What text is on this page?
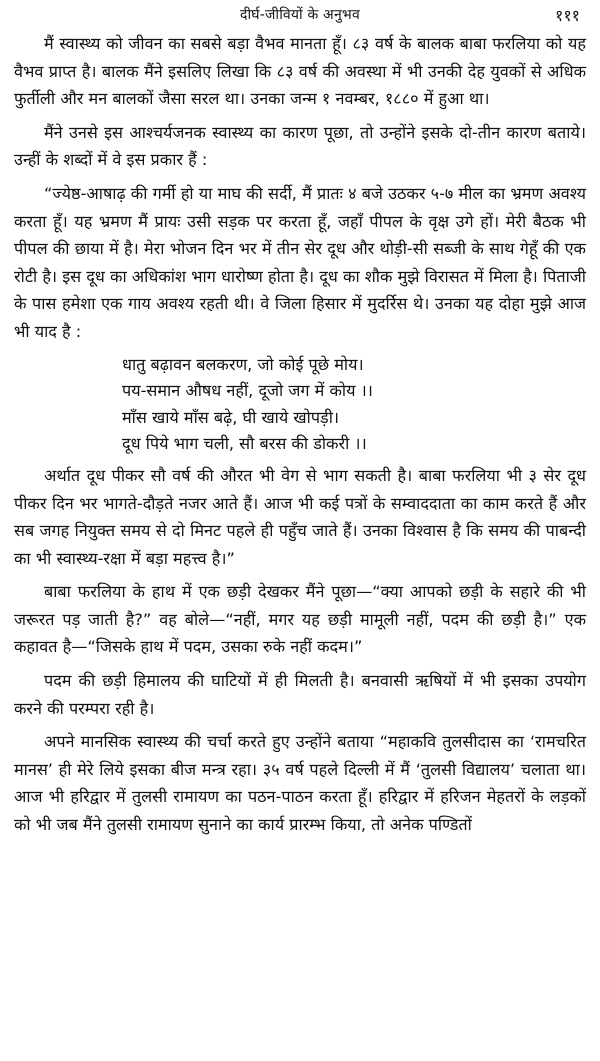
दीर्घ-जीवियों के अनुभव	१११

मैं स्वास्थ्य को जीवन का सबसे बड़ा वैभव मानता हूँ। ८३ वर्ष के बालक बाबा फरलिया को यह वैभव प्राप्त है। बालक मैंने इसलिए लिखा कि ८३ वर्ष की अवस्था में भी उनकी देह युवकों से अधिक फुर्तीली और मन बालकों जैसा सरल था। उनका जन्म १ नवम्बर, १८८० में हुआ था।

मैंने उनसे इस आश्चर्यजनक स्वास्थ्य का कारण पूछा, तो उन्होंने इसके दो-तीन कारण बताये। उन्हीं के शब्दों में वे इस प्रकार हैं :

“ज्येष्ठ-आषाढ़ की गर्मी हो या माघ की सर्दी, मैं प्रातः ४ बजे उठकर ५-७ मील का भ्रमण अवश्य करता हूँ। यह भ्रमण मैं प्रायः उसी सड़क पर करता हूँ, जहाँ पीपल के वृक्ष उगे हों। मेरी बैठक भी पीपल की छाया में है। मेरा भोजन दिन भर में तीन सेर दूध और थोड़ी-सी सब्जी के साथ गेहूँ की एक रोटी है। इस दूध का अधिकांश भाग धारोष्ण होता है। दूध का शौक मुझे विरासत में मिला है। पिताजी के पास हमेशा एक गाय अवश्य रहती थी। वे जिला हिसार में मुदर्रिस थे। उनका यह दोहा मुझे आज भी याद है :

धातु बढ़ावन बलकरण, जो कोई पूछे मोय।
पय-समान औषध नहीं, दूजो जग में कोय ।।
माँस खाये माँस बढ़े, घी खाये खोपड़ी।
दूध पिये भाग चली, सौ बरस की डोकरी ।।

अर्थात दूध पीकर सौ वर्ष की औरत भी वेग से भाग सकती है। बाबा फरलिया भी ३ सेर दूध पीकर दिन भर भागते-दौड़ते नजर आते हैं। आज भी कई पत्रों के सम्वाददाता का काम करते हैं और सब जगह नियुक्त समय से दो मिनट पहले ही पहुँच जाते हैं। उनका विश्वास है कि समय की पाबन्दी का भी स्वास्थ्य-रक्षा में बड़ा महत्त्व है।”

बाबा फरलिया के हाथ में एक छड़ी देखकर मैंने पूछा—“क्या आपको छड़ी के सहारे की भी जरूरत पड़ जाती है?” वह बोले—“नहीं, मगर यह छड़ी मामूली नहीं, पदम की छड़ी है।” एक कहावत है—“जिसके हाथ में पदम, उसका रुके नहीं कदम।”

पदम की छड़ी हिमालय की घाटियों में ही मिलती है। बनवासी ऋषियों में भी इसका उपयोग करने की परम्परा रही है।

अपने मानसिक स्वास्थ्य की चर्चा करते हुए उन्होंने बताया “महाकवि तुलसीदास का ‘रामचरित मानस’ ही मेरे लिये इसका बीज मन्त्र रहा। ३५ वर्ष पहले दिल्ली में मैं ‘तुलसी विद्यालय’ चलाता था। आज भी हरिद्वार में तुलसी रामायण का पठन-पाठन करता हूँ। हरिद्वार में हरिजन मेहतरों के लड़कों को भी जब मैंने तुलसी रामायण सुनाने का कार्य प्रारम्भ किया, तो अनेक पण्डितों
